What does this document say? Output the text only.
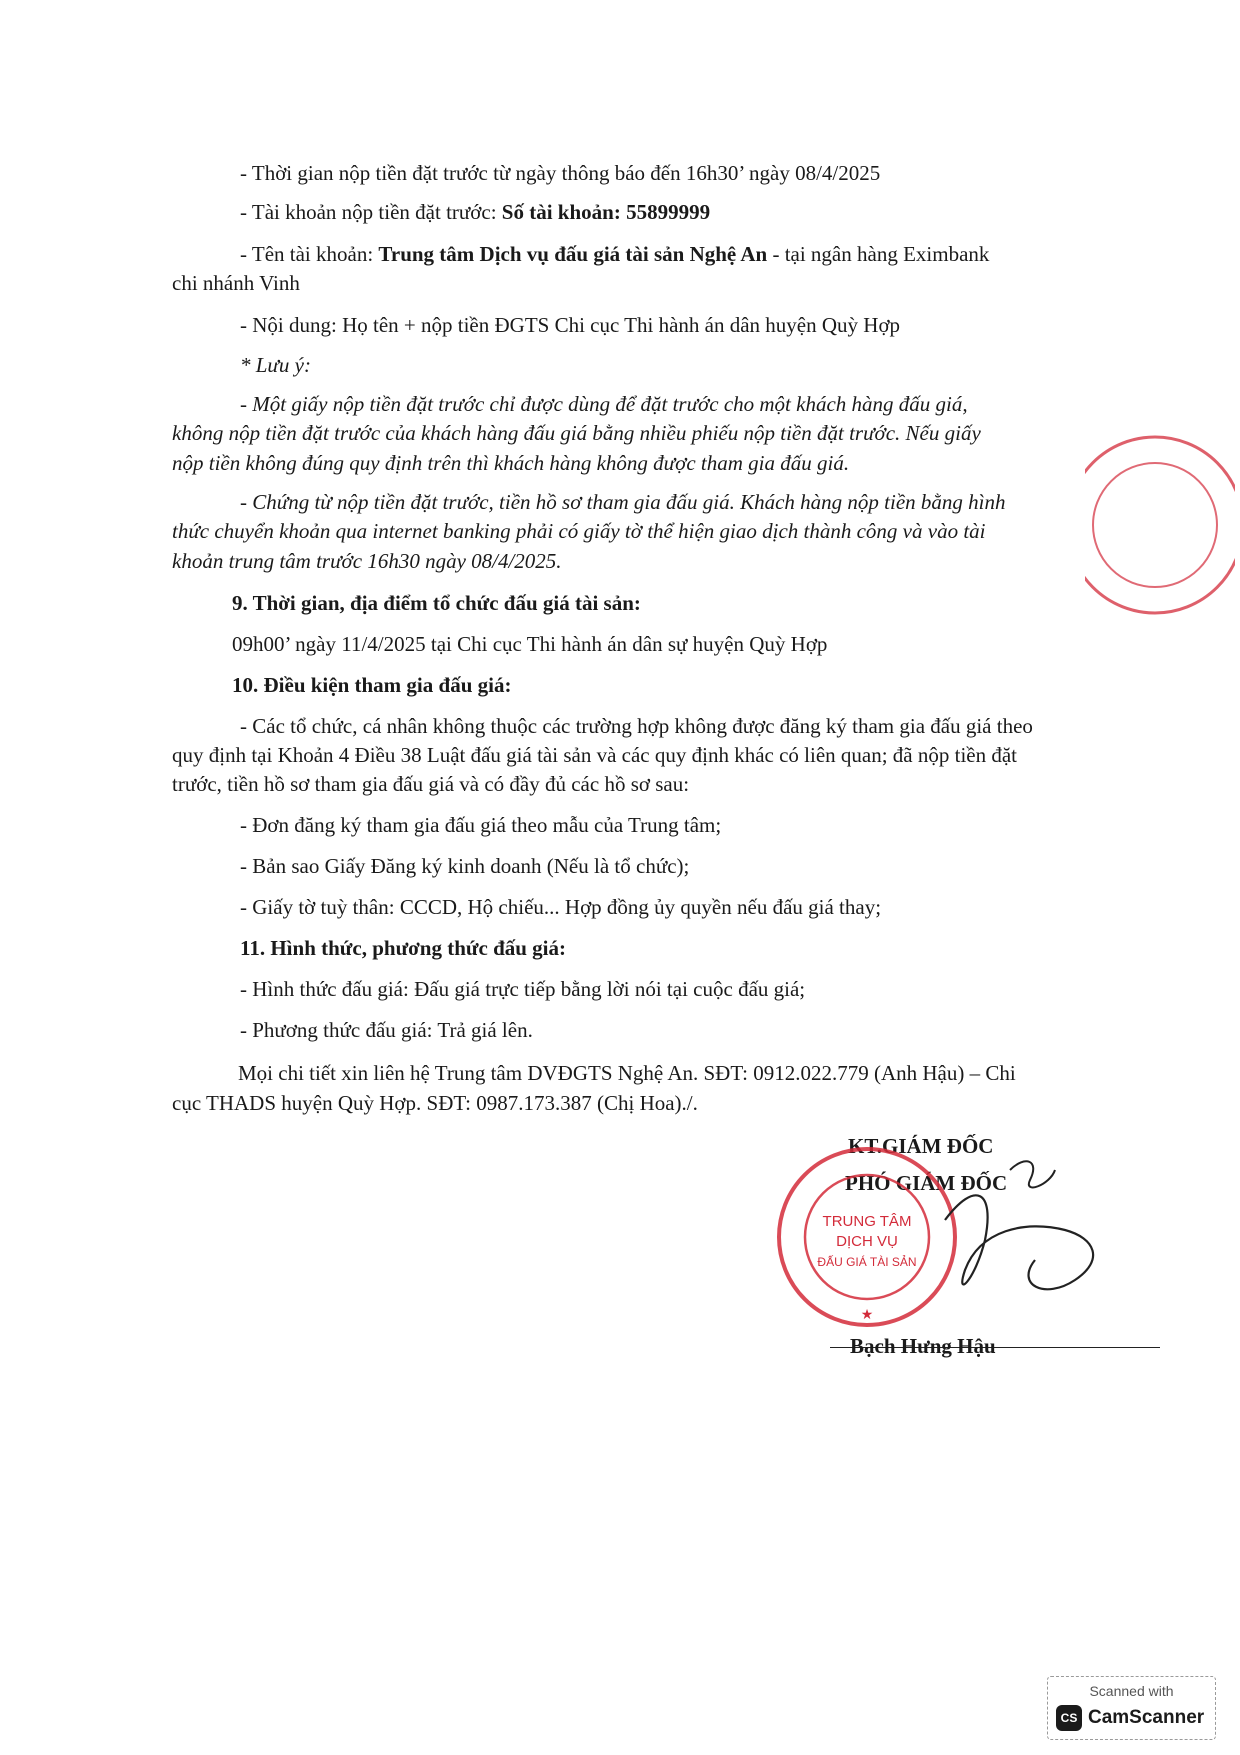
- Thời gian nộp tiền đặt trước từ ngày thông báo đến 16h30’ ngày 08/4/2025
- Tài khoản nộp tiền đặt trước: Số tài khoản: 55899999
- Tên tài khoản: Trung tâm Dịch vụ đấu giá tài sản Nghệ An - tại ngân hàng Eximbank
chi nhánh Vinh
- Nội dung: Họ tên + nộp tiền ĐGTS Chi cục Thi hành án dân huyện Quỳ Hợp
* Lưu ý:
- Một giấy nộp tiền đặt trước chỉ được dùng để đặt trước cho một khách hàng đấu giá,
không nộp tiền đặt trước của khách hàng đấu giá bằng nhiều phiếu nộp tiền đặt trước. Nếu giấy
nộp tiền không đúng quy định trên thì khách hàng không được tham gia đấu giá.
- Chứng từ nộp tiền đặt trước, tiền hồ sơ tham gia đấu giá. Khách hàng nộp tiền bằng hình
thức chuyển khoản qua internet banking phải có giấy tờ thể hiện giao dịch thành công và vào tài
khoản trung tâm trước 16h30 ngày 08/4/2025.
9. Thời gian, địa điểm tổ chức đấu giá tài sản:
09h00’ ngày 11/4/2025 tại Chi cục Thi hành án dân sự huyện Quỳ Hợp
10. Điều kiện tham gia đấu giá:
- Các tổ chức, cá nhân không thuộc các trường hợp không được đăng ký tham gia đấu giá theo
quy định tại Khoản 4 Điều 38 Luật đấu giá tài sản và các quy định khác có liên quan; đã nộp tiền đặt
trước, tiền hồ sơ tham gia đấu giá và có đầy đủ các hồ sơ sau:
- Đơn đăng ký tham gia đấu giá theo mẫu của Trung tâm;
- Bản sao Giấy Đăng ký kinh doanh (Nếu là tổ chức);
- Giấy tờ tuỳ thân: CCCD, Hộ chiếu... Hợp đồng ủy quyền nếu đấu giá thay;
11. Hình thức, phương thức đấu giá:
- Hình thức đấu giá: Đấu giá trực tiếp bằng lời nói tại cuộc đấu giá;
- Phương thức đấu giá: Trả giá lên.
Mọi chi tiết xin liên hệ Trung tâm DVĐGTS Nghệ An. SĐT: 0912.022.779 (Anh Hậu) – Chi
cục THADS huyện Quỳ Hợp. SĐT: 0987.173.387 (Chị Hoa)./.
KT.GIÁM ĐỐC
PHÓ GIÁM ĐỐC
TRUNG TÂM
DỊCH VỤ
ĐẤU GIÁ TÀI SẢN
★
Bạch Hưng Hậu
Scanned with
CS CamScanner
